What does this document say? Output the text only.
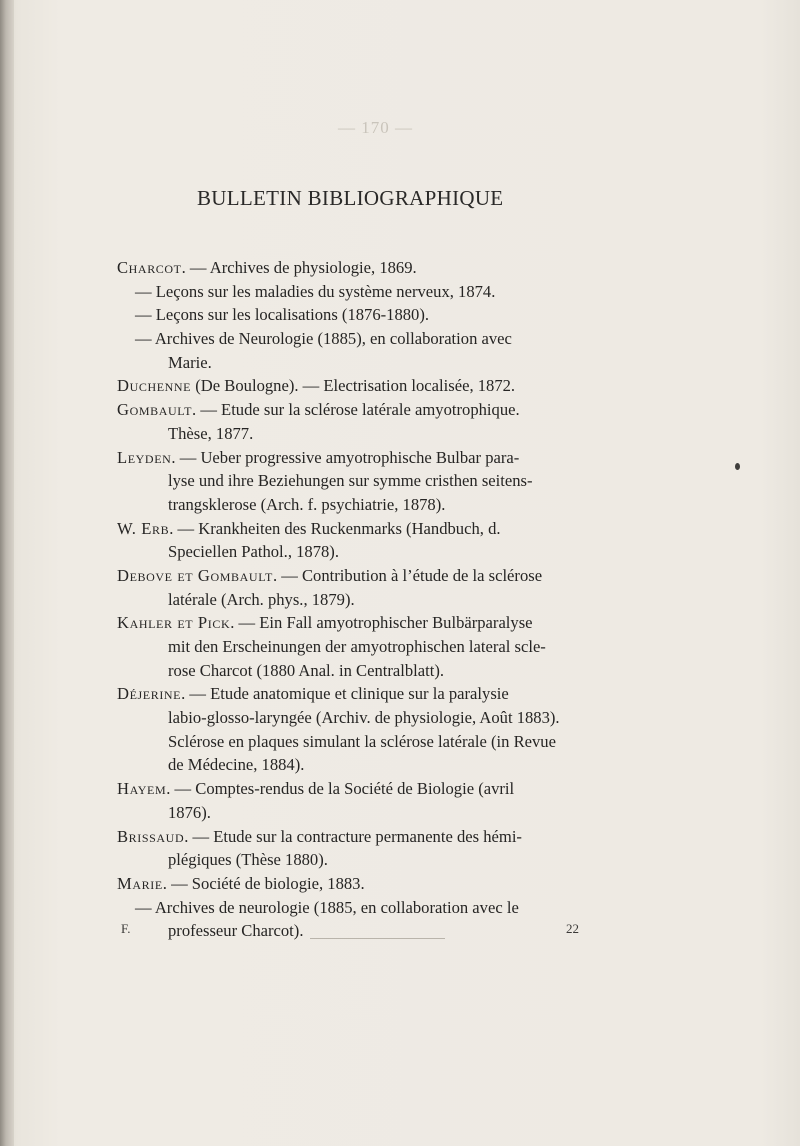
— 170 —
BULLETIN BIBLIOGRAPHIQUE
Charcot. — Archives de physiologie, 1869.
— Leçons sur les maladies du système nerveux, 1874.
— Leçons sur les localisations (1876-1880).
— Archives de Neurologie (1885), en collaboration avec
Marie.
Duchenne (De Boulogne). — Electrisation localisée, 1872.
Gombault. — Etude sur la sclérose latérale amyotrophique.
Thèse, 1877.
Leyden. — Ueber progressive amyotrophische Bulbar para-
lyse und ihre Beziehungen sur symme cristhen seitens-
trangsklerose (Arch. f. psychiatrie, 1878).
W. Erb. — Krankheiten des Ruckenmarks (Handbuch, d.
Speciellen Pathol., 1878).
Debove et Gombault. — Contribution à l’étude de la sclérose
latérale (Arch. phys., 1879).
Kahler et Pick. — Ein Fall amyotrophischer Bulbärparalyse
mit den Erscheinungen der amyotrophischen lateral scle-
rose Charcot (1880 Anal. in Centralblatt).
Déjerine. — Etude anatomique et clinique sur la paralysie
labio-glosso-laryngée (Archiv. de physiologie, Août 1883).
Sclérose en plaques simulant la sclérose latérale (in Revue
de Médecine, 1884).
Hayem. — Comptes-rendus de la Société de Biologie (avril
1876).
Brissaud. — Etude sur la contracture permanente des hémi-
plégiques (Thèse 1880).
Marie. — Société de biologie, 1883.
— Archives de neurologie (1885, en collaboration avec le
professeur Charcot).
F.	22
